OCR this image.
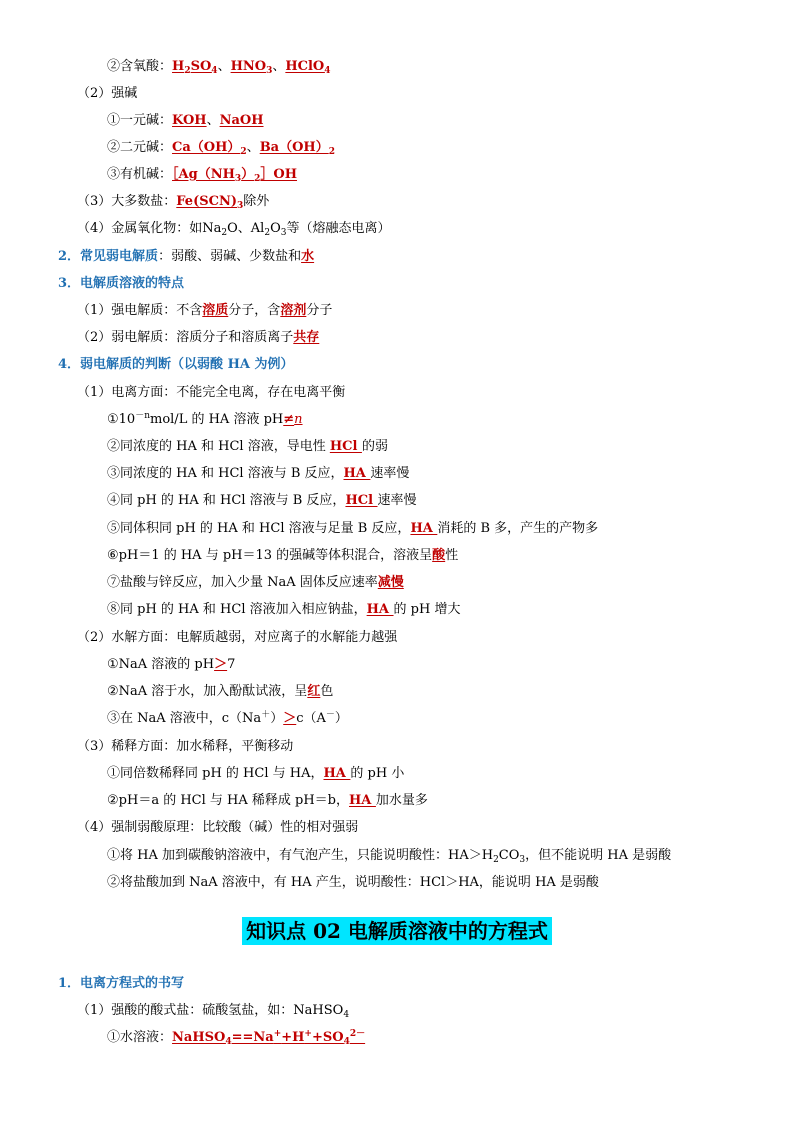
②含氧酸：$H_2SO_4$、$HNO_3$、HClO$_4$
（2）强碱
①一元碱：KOH、NaOH
②二元碱：$Ca(OH)_2$、$Ba(OH)_2$
③有机碱：$[Ag(NH_3)_2]OH$
（3）大多数盐：$Fe(SCN)_3$除外
（4）金属氧化物：如$Na_2O$、$Al_2O_3$等（熔融态电离）
2．常见弱电解质：弱酸、弱碱、少数盐和水
3．电解质溶液的特点
（1）强电解质：不含溶质分子，含溶剂分子
（2）弱电解质：溶质分子和溶质离子共存
4．弱电解质的判断（以弱酸 HA 为例）
（1）电离方面：不能完全电离，存在电离平衡
$①10^{-n}mol/L$ 的 HA 溶液 pH≠n
②同浓度的 HA 和 HCl 溶液，导电性 HCl 的弱
③同浓度的 HA 和 HCl 溶液与 B 反应，HA 速率慢
④同 pH 的 HA 和 HCl 溶液与 B 反应，HCl 速率慢
⑤同体积同 pH 的 HA 和 HCl 溶液与足量 B 反应，HA 消耗的 B 多，产生的产物多
⑥pH＝1 的 HA 与 pH＝13 的强碱等体积混合，溶液呈酸性
⑦盐酸与锌反应，加入少量 NaA 固体反应速率减慢
⑧同 pH 的 HA 和 HCl 溶液加入相应钠盐，HA 的 pH 增大
（2）水解方面：电解质越弱，对应离子的水解能力越强
①NaA 溶液的 pH＞7
②NaA 溶于水，加入酚酞试液，呈红色
③在 NaA 溶液中，c（Na＋）＞c（A－）
（3）稀释方面：加水稀释，平衡移动
①同倍数稀释同 pH 的 HCl 与 HA，HA 的 pH 小
②pH＝a 的 HCl 与 HA 稀释成 pH＝b，HA 加水量多
（4）强制弱酸原理：比较酸（碱）性的相对强弱
①将 HA 加到碳酸钠溶液中，有气泡产生，只能说明酸性：$HA>H_2CO_3$，但不能说明 HA 是弱酸
②将盐酸加到 NaA 溶液中，有 HA 产生，说明酸性：HCl＞HA，能说明 HA 是弱酸
知识点 02 电解质溶液中的方程式
1．电离方程式的书写
（1）强酸的酸式盐：硫酸氢盐，如：NaHSO$_4$
①水溶液：$NaHSO_4==Na^++H^++SO_4^{2-}$
